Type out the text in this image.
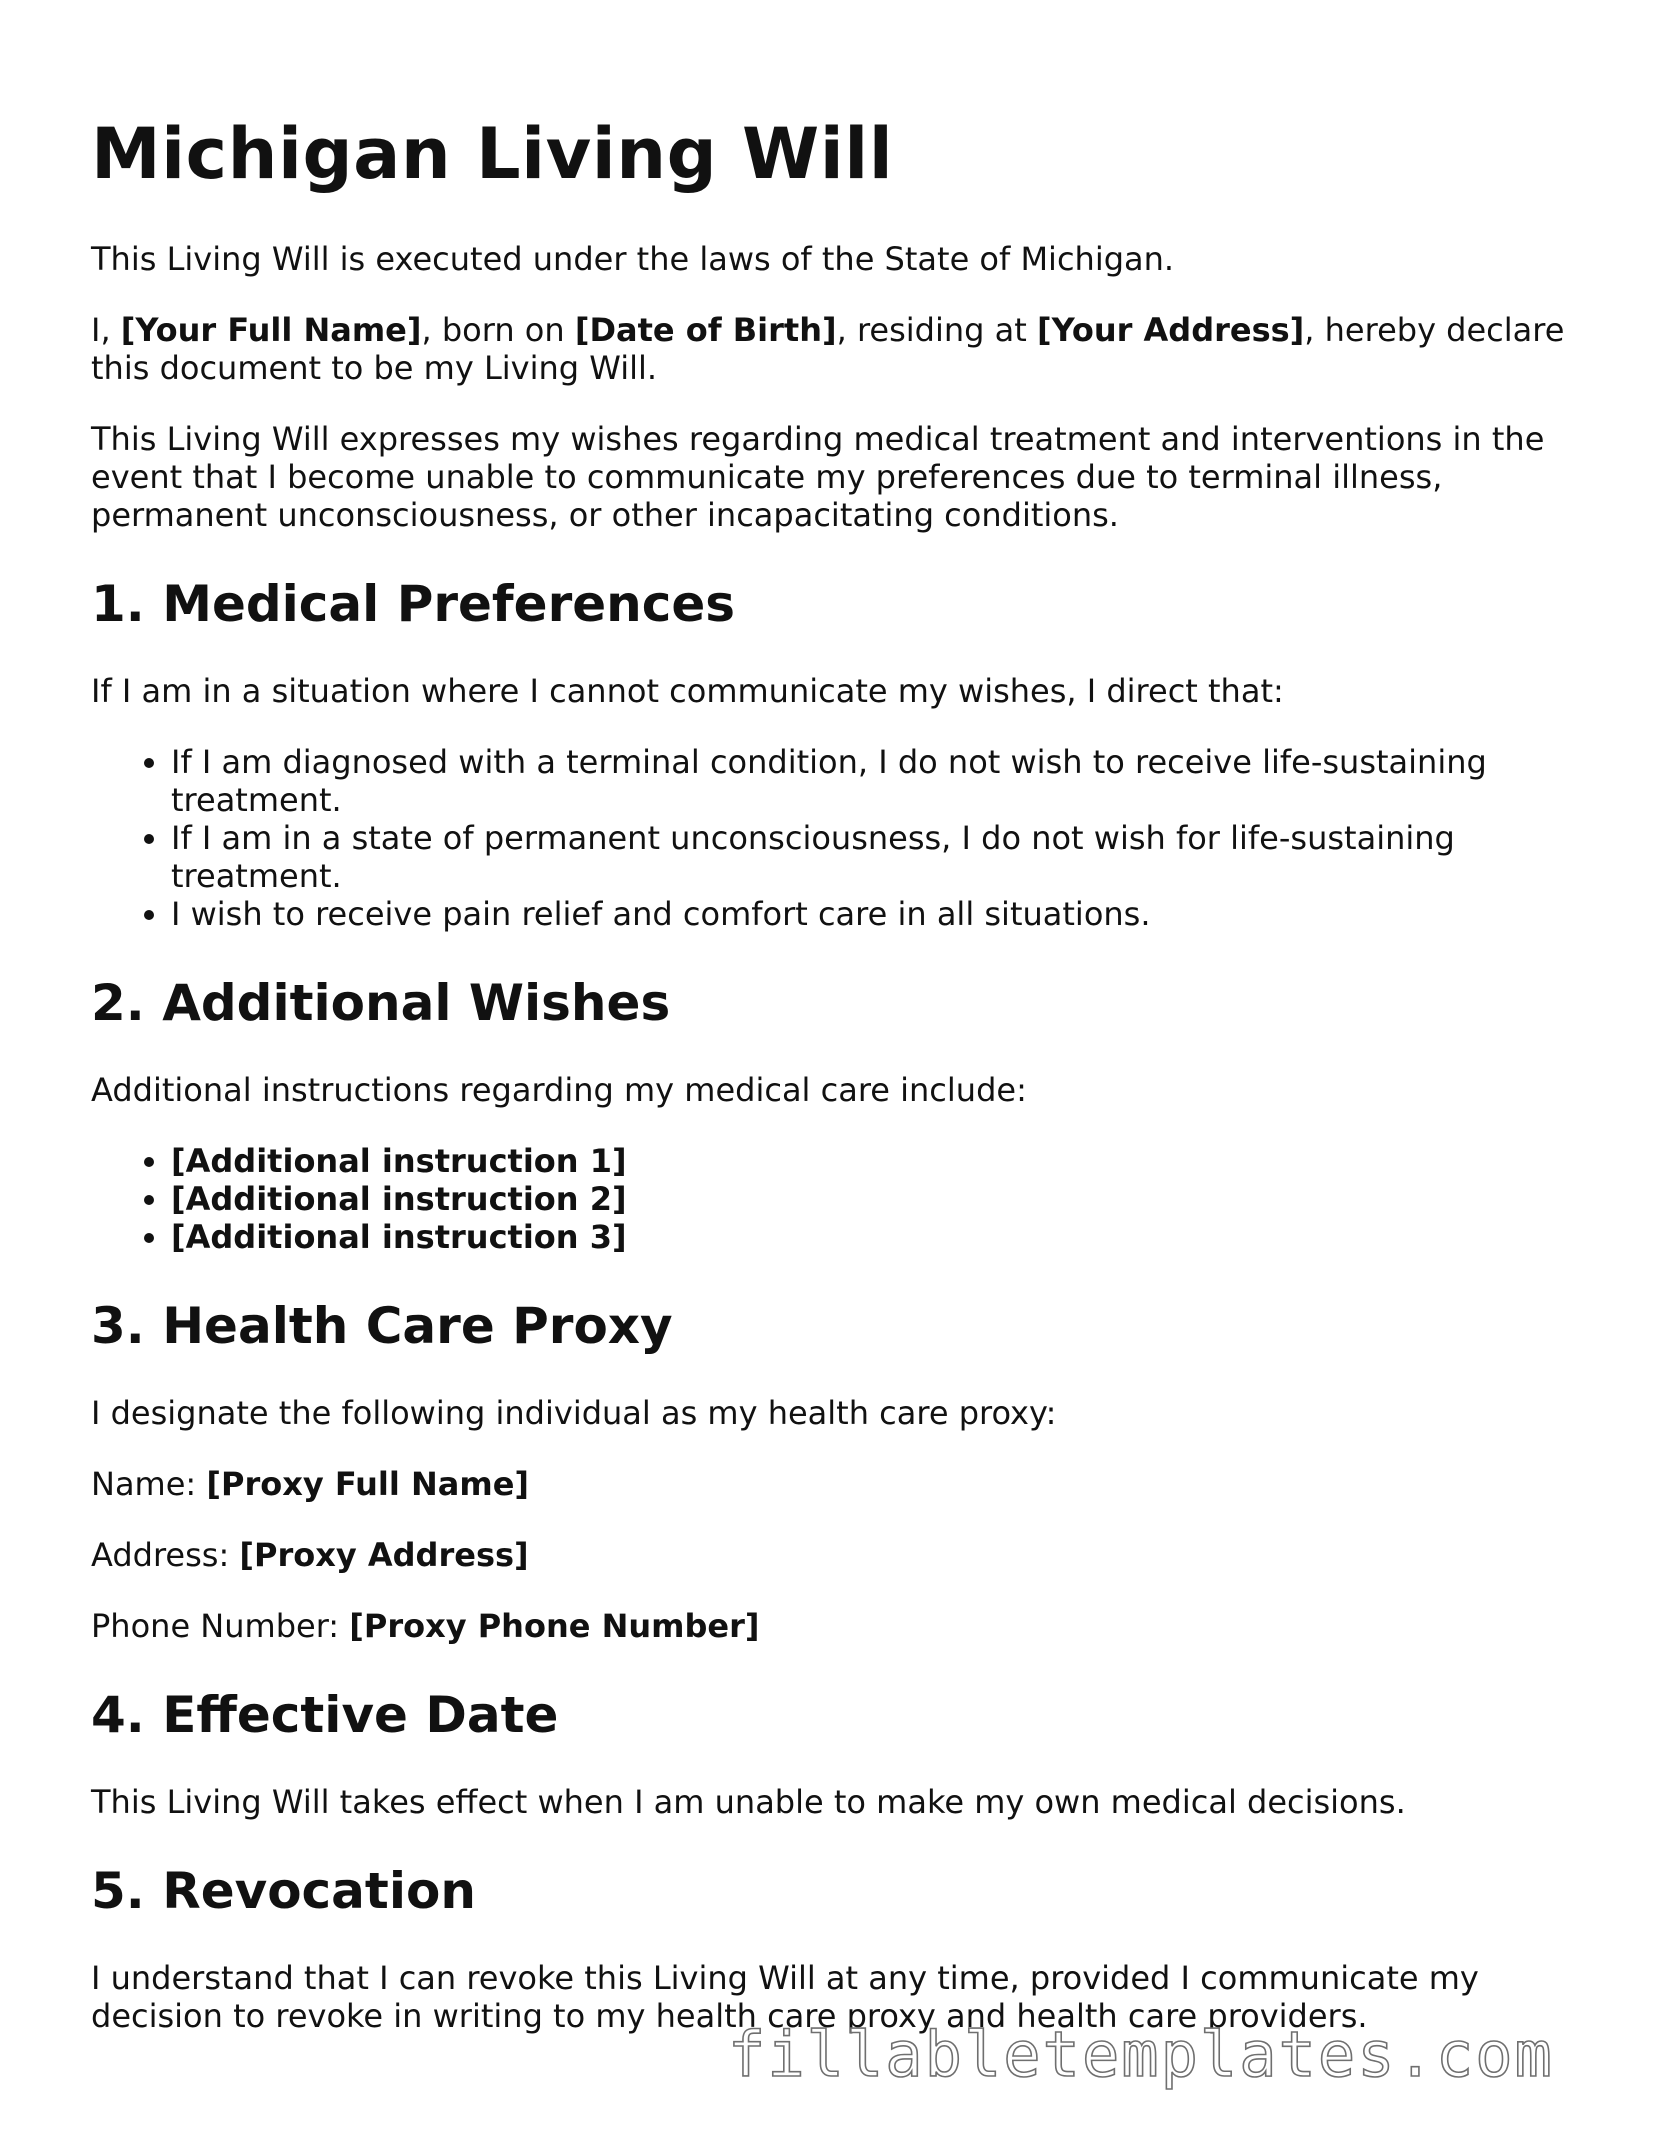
Michigan Living Will

This Living Will is executed under the laws of the State of Michigan.

I, [Your Full Name], born on [Date of Birth], residing at [Your Address], hereby declare this document to be my Living Will.

This Living Will expresses my wishes regarding medical treatment and interventions in the event that I become unable to communicate my preferences due to terminal illness, permanent unconsciousness, or other incapacitating conditions.

1. Medical Preferences

If I am in a situation where I cannot communicate my wishes, I direct that:

• If I am diagnosed with a terminal condition, I do not wish to receive life-sustaining treatment.
• If I am in a state of permanent unconsciousness, I do not wish for life-sustaining treatment.
• I wish to receive pain relief and comfort care in all situations.
2. Additional Wishes

Additional instructions regarding my medical care include:

• [Additional instruction 1]
• [Additional instruction 2]
• [Additional instruction 3]
3. Health Care Proxy

I designate the following individual as my health care proxy:

Name: [Proxy Full Name]

Address: [Proxy Address]

Phone Number: [Proxy Phone Number]

4. Effective Date

This Living Will takes effect when I am unable to make my own medical decisions.

5. Revocation

I understand that I can revoke this Living Will at any time, provided I communicate my decision to revoke in writing to my health care proxy and health care providers.

fillabletemplates.com
